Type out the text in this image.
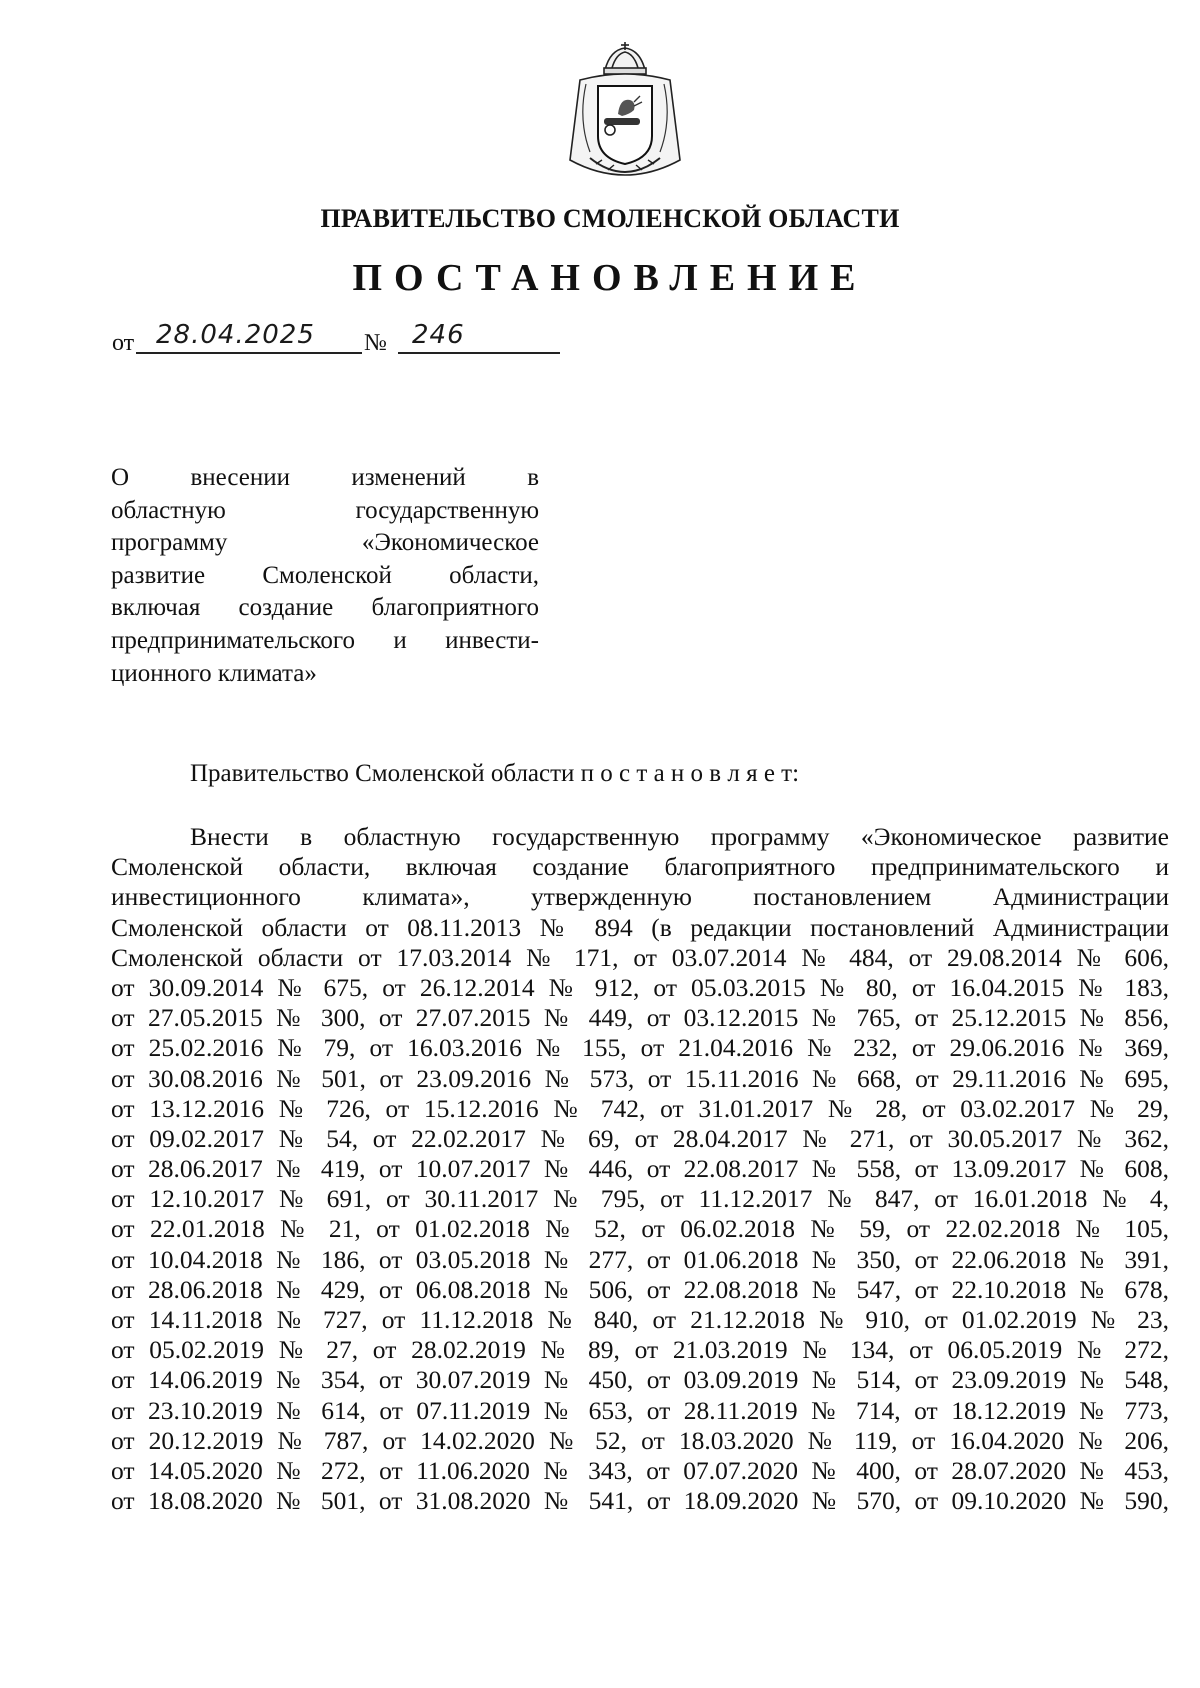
ПРАВИТЕЛЬСТВО СМОЛЕНСКОЙ ОБЛАСТИ
ПОСТАНОВЛЕНИЕ
от 28.04.2025 № 246
О внесении изменений в
областную государственную
программу «Экономическое
развитие Смоленской области,
включая создание благоприятного
предпринимательского и инвести-
ционного климата»
Правительство Смоленской области п о с т а н о в л я е т:
Внести в областную государственную программу «Экономическое развитие
Смоленской области, включая создание благоприятного предпринимательского и
инвестиционного климата», утвержденную постановлением Администрации
Смоленской области от 08.11.2013 № 894 (в редакции постановлений Администрации
Смоленской области от 17.03.2014 № 171, от 03.07.2014 № 484, от 29.08.2014 № 606,
от 30.09.2014 № 675, от 26.12.2014 № 912, от 05.03.2015 № 80, от 16.04.2015 № 183,
от 27.05.2015 № 300, от 27.07.2015 № 449, от 03.12.2015 № 765, от 25.12.2015 № 856,
от 25.02.2016 № 79, от 16.03.2016 № 155, от 21.04.2016 № 232, от 29.06.2016 № 369,
от 30.08.2016 № 501, от 23.09.2016 № 573, от 15.11.2016 № 668, от 29.11.2016 № 695,
от 13.12.2016 № 726, от 15.12.2016 № 742, от 31.01.2017 № 28, от 03.02.2017 № 29,
от 09.02.2017 № 54, от 22.02.2017 № 69, от 28.04.2017 № 271, от 30.05.2017 № 362,
от 28.06.2017 № 419, от 10.07.2017 № 446, от 22.08.2017 № 558, от 13.09.2017 № 608,
от 12.10.2017 № 691, от 30.11.2017 № 795, от 11.12.2017 № 847, от 16.01.2018 № 4,
от 22.01.2018 № 21, от 01.02.2018 № 52, от 06.02.2018 № 59, от 22.02.2018 № 105,
от 10.04.2018 № 186, от 03.05.2018 № 277, от 01.06.2018 № 350, от 22.06.2018 № 391,
от 28.06.2018 № 429, от 06.08.2018 № 506, от 22.08.2018 № 547, от 22.10.2018 № 678,
от 14.11.2018 № 727, от 11.12.2018 № 840, от 21.12.2018 № 910, от 01.02.2019 № 23,
от 05.02.2019 № 27, от 28.02.2019 № 89, от 21.03.2019 № 134, от 06.05.2019 № 272,
от 14.06.2019 № 354, от 30.07.2019 № 450, от 03.09.2019 № 514, от 23.09.2019 № 548,
от 23.10.2019 № 614, от 07.11.2019 № 653, от 28.11.2019 № 714, от 18.12.2019 № 773,
от 20.12.2019 № 787, от 14.02.2020 № 52, от 18.03.2020 № 119, от 16.04.2020 № 206,
от 14.05.2020 № 272, от 11.06.2020 № 343, от 07.07.2020 № 400, от 28.07.2020 № 453,
от 18.08.2020 № 501, от 31.08.2020 № 541, от 18.09.2020 № 570, от 09.10.2020 № 590,
